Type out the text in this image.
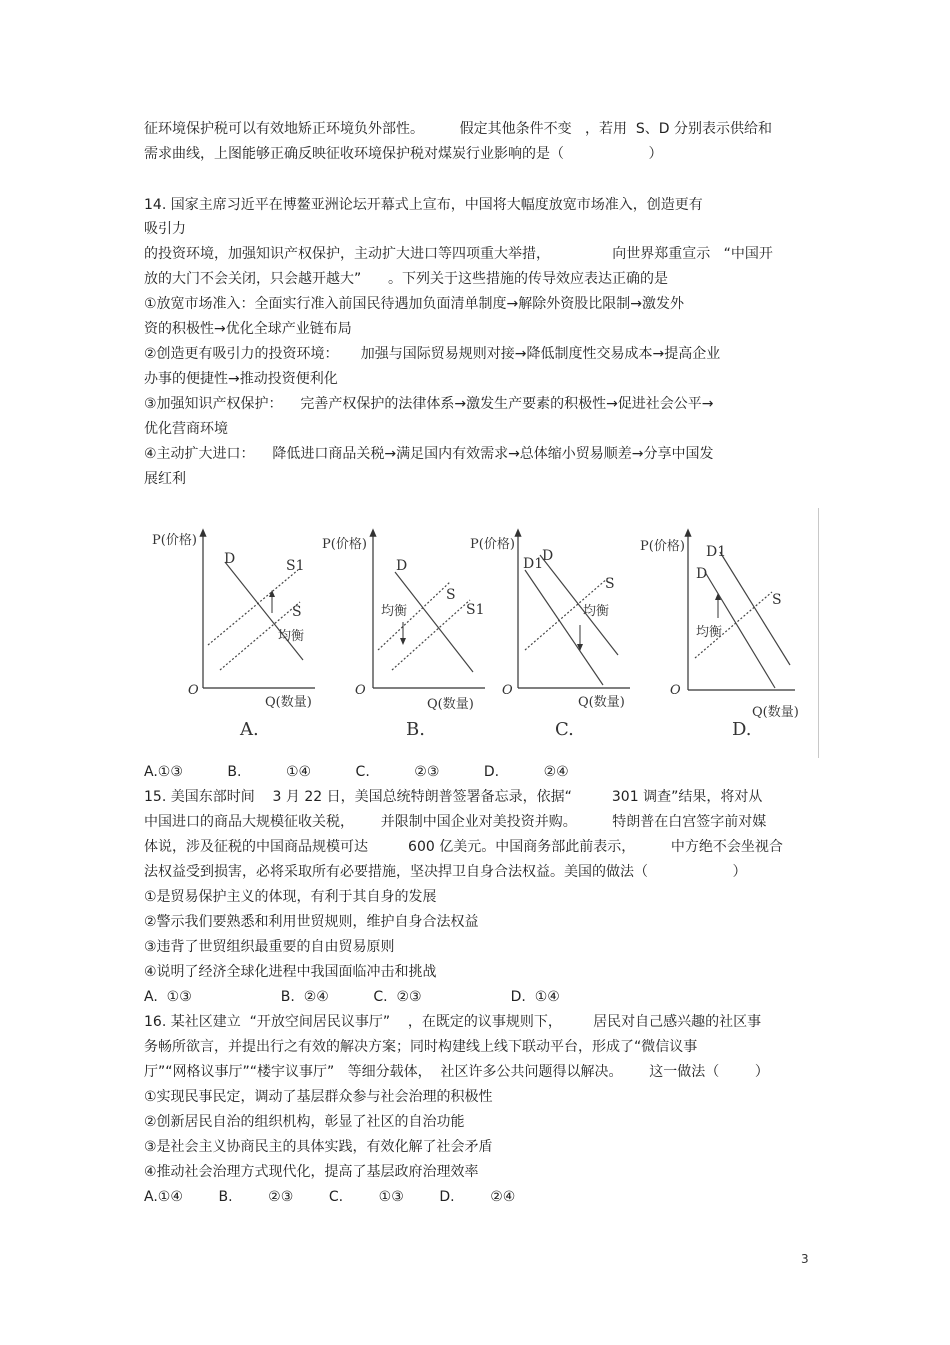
征环境保护税可以有效地矫正环境负外部性。        假定其他条件不变   ，若用  S、D 分别表示供给和
需求曲线，上图能够正确反映征收环境保护税对煤炭行业影响的是（                   ）
14. 国家主席习近平在博鳌亚洲论坛开幕式上宣布，中国将大幅度放宽市场准入，创造更有
吸引力
的投资环境，加强知识产权保护，主动扩大进口等四项重大举措，              向世界郑重宣示   “中国开
放的大门不会关闭，只会越开越大”      。下列关于这些措施的传导效应表达正确的是
①放宽市场准入：全面实行准入前国民待遇加负面清单制度→解除外资股比限制→激发外
资的积极性→优化全球产业链布局
②创造更有吸引力的投资环境：     加强与国际贸易规则对接→降低制度性交易成本→提高企业
办事的便捷性→推动投资便利化
③加强知识产权保护：    完善产权保护的法律体系→激发生产要素的积极性→促进社会公平→
优化营商环境
④主动扩大进口：    降低进口商品关税→满足国内有效需求→总体缩小贸易顺差→分享中国发
展红利
P(价格)
O
Q(数量)
D	S1
S
均衡
A.
P(价格)
O
Q(数量)
D
S
S1
均衡
B.
P(价格)
O
Q(数量)
D1
D
S
均衡
C.
P(价格)
O
Q(数量)
D1
D
S
均衡
D.
A.①③          B.          ①④          C.          ②③          D.          ②④
15. 美国东部时间    3 月 22 日，美国总统特朗普签署备忘录，依据“         301 调查”结果，将对从
中国进口的商品大规模征收关税，      并限制中国企业对美投资并购。        特朗普在白宫签字前对媒
体说，涉及征税的中国商品规模可达         600 亿美元。中国商务部此前表示，        中方绝不会坐视合
法权益受到损害，必将采取所有必要措施，坚决捍卫自身合法权益。美国的做法（                   ）
①是贸易保护主义的体现，有利于其自身的发展
②警示我们要熟悉和利用世贸规则，维护自身合法权益
③违背了世贸组织最重要的自由贸易原则
④说明了经济全球化进程中我国面临冲击和挑战
A.  ①③                    B.  ②④          C.  ②③                    D.  ①④
16. 某社区建立  “开放空间居民议事厅”    ，在既定的议事规则下，       居民对自己感兴趣的社区事
务畅所欲言，并提出行之有效的解决方案；同时构建线上线下联动平台，形成了“微信议事
厅”“网格议事厅”“楼宇议事厅”   等细分载体，  社区许多公共问题得以解决。      这一做法（        ）
①实现民事民定，调动了基层群众参与社会治理的积极性
②创新居民自治的组织机构，彰显了社区的自治功能
③是社会主义协商民主的具体实践，有效化解了社会矛盾
④推动社会治理方式现代化，提高了基层政府治理效率
A.①④        B.        ②③        C.        ①③        D.        ②④
3
